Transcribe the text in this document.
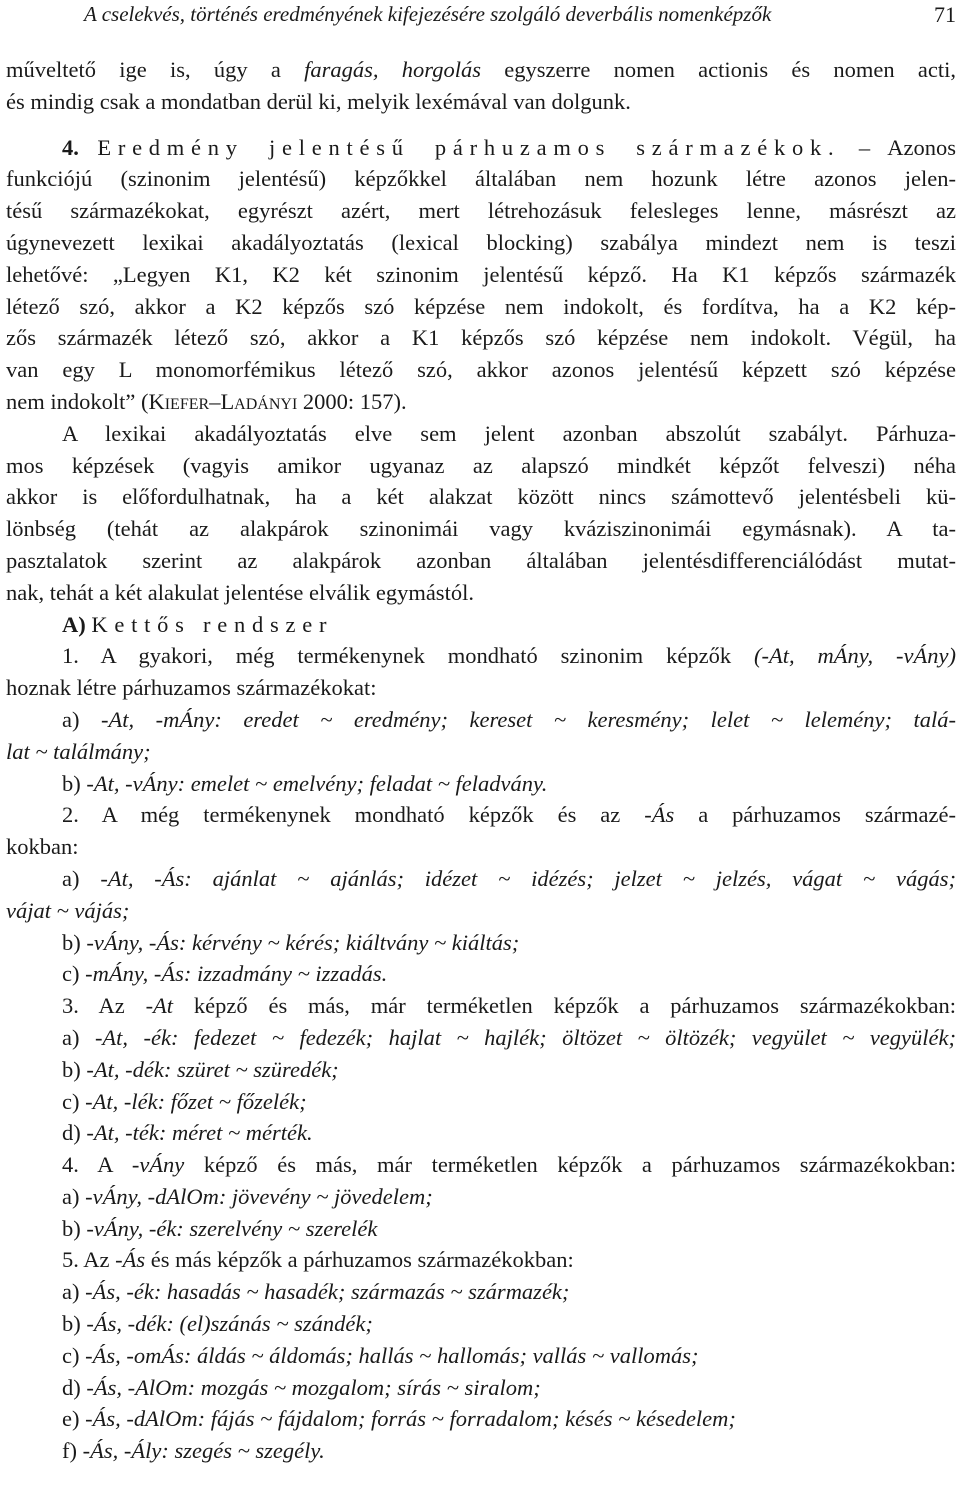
A cselekvés, történés eredményének kifejezésére szolgáló deverbális nomenképzők	71
műveltető ige is, úgy a faragás, horgolás egyszerre nomen actionis és nomen acti,
és mindig csak a mondatban derül ki, melyik lexémával van dolgunk.
4. Eredmény jelentésű párhuzamos származékok. – Azonos
funkciójú (szinonim jelentésű) képzőkkel általában nem hozunk létre azonos jelen-
tésű származékokat, egyrészt azért, mert létrehozásuk felesleges lenne, másrészt az
úgynevezett lexikai akadályoztatás (lexical blocking) szabálya mindezt nem is teszi
lehetővé: „Legyen K1, K2 két szinonim jelentésű képző. Ha K1 képzős származék
létező szó, akkor a K2 képzős szó képzése nem indokolt, és fordítva, ha a K2 kép-
zős származék létező szó, akkor a K1 képzős szó képzése nem indokolt. Végül, ha
van egy L monomorfémikus létező szó, akkor azonos jelentésű képzett szó képzése
nem indokolt” (Kiefer–Ladányi 2000: 157).
A lexikai akadályoztatás elve sem jelent azonban abszolút szabályt. Párhuza-
mos képzések (vagyis amikor ugyanaz az alapszó mindkét képzőt felveszi) néha
akkor is előfordulhatnak, ha a két alakzat között nincs számottevő jelentésbeli kü-
lönbség (tehát az alakpárok szinonimái vagy kváziszinonimái egymásnak). A ta-
pasztalatok szerint az alakpárok azonban általában jelentésdifferenciálódást mutat-
nak, tehát a két alakulat jelentése elválik egymástól.
A) Kettős rendszer
1. A gyakori, még termékenynek mondható szinonim képzők (-At, mÁny, -vÁny)
hoznak létre párhuzamos származékokat:
a) -At, -mÁny: eredet ~ eredmény; kereset ~ keresmény; lelet ~ lelemény; talá-
lat ~ találmány;
b) -At, -vÁny: emelet ~ emelvény; feladat ~ feladvány.
2. A még termékenynek mondható képzők és az -Ás a párhuzamos származé-
kokban:
a) -At, -Ás: ajánlat ~ ajánlás; idézet ~ idézés; jelzet ~ jelzés, vágat ~ vágás;
vájat ~ vájás;
b) -vÁny, -Ás: kérvény ~ kérés; kiáltvány ~ kiáltás;
c) -mÁny, -Ás: izzadmány ~ izzadás.
3. Az -At képző és más, már terméketlen képzők a párhuzamos származékokban:
a) -At, -ék: fedezet ~ fedezék; hajlat ~ hajlék; öltözet ~ öltözék; vegyület ~ vegyülék;
b) -At, -dék: szüret ~ szüredék;
c) -At, -lék: főzet ~ főzelék;
d) -At, -ték: méret ~ mérték.
4. A -vÁny képző és más, már terméketlen képzők a párhuzamos származékokban:
a) -vÁny, -dAlOm: jövevény ~ jövedelem;
b) -vÁny, -ék: szerelvény ~ szerelék
5. Az -Ás és más képzők a párhuzamos származékokban:
a) -Ás, -ék: hasadás ~ hasadék; származás ~ származék;
b) -Ás, -dék: (el)szánás ~ szándék;
c) -Ás, -omÁs: áldás ~ áldomás; hallás ~ hallomás; vallás ~ vallomás;
d) -Ás, -AlOm: mozgás ~ mozgalom; sírás ~ siralom;
e) -Ás, -dAlOm: fájás ~ fájdalom; forrás ~ forradalom; késés ~ késedelem;
f) -Ás, -Ály: szegés ~ szegély.
